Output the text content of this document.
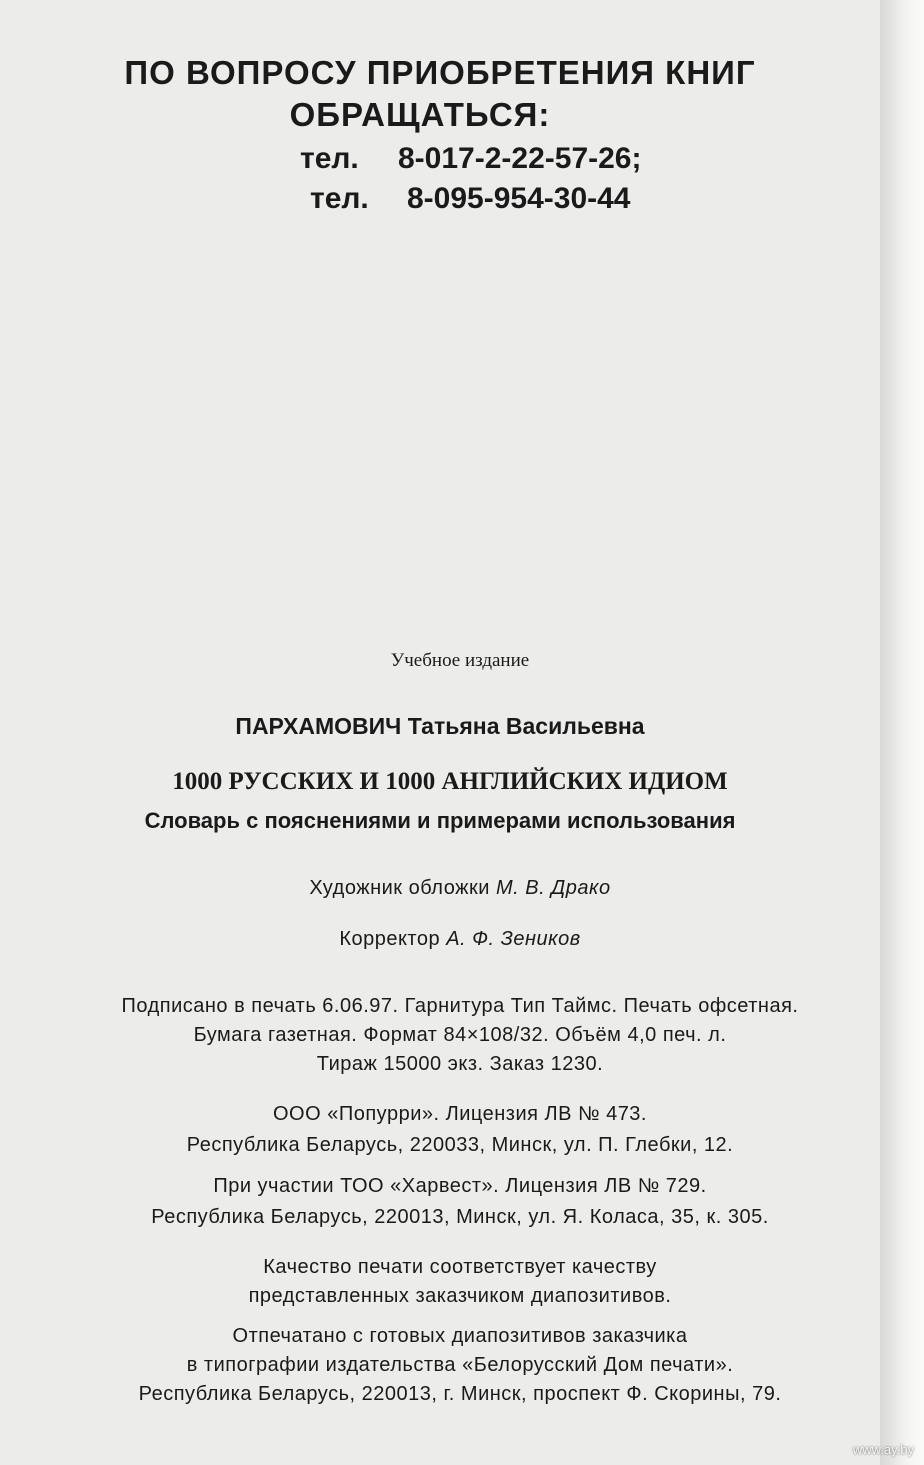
ПО ВОПРОСУ ПРИОБРЕТЕНИЯ КНИГ
ОБРАЩАТЬСЯ:
тел. 8-017-2-22-57-26;
тел. 8-095-954-30-44
Учебное издание
ПАРХАМОВИЧ Татьяна Васильевна
1000 РУССКИХ И 1000 АНГЛИЙСКИХ ИДИОМ
Словарь с пояснениями и примерами использования
Художник обложки М. В. Драко
Корректор А. Ф. Зеников
Подписано в печать 6.06.97. Гарнитура Тип Таймс. Печать офсетная.
Бумага газетная. Формат 84×108/32. Объём 4,0 печ. л.
Тираж 15000 экз. Заказ 1230.
ООО «Попурри». Лицензия ЛВ № 473.
Республика Беларусь, 220033, Минск, ул. П. Глебки, 12.
При участии ТОО «Харвест». Лицензия ЛВ № 729.
Республика Беларусь, 220013, Минск, ул. Я. Коласа, 35, к. 305.
Качество печати соответствует качеству
представленных заказчиком диапозитивов.
Отпечатано с готовых диапозитивов заказчика
в типографии издательства «Белорусский Дом печати».
Республика Беларусь, 220013, г. Минск, проспект Ф. Скорины, 79.
www.ay.by
